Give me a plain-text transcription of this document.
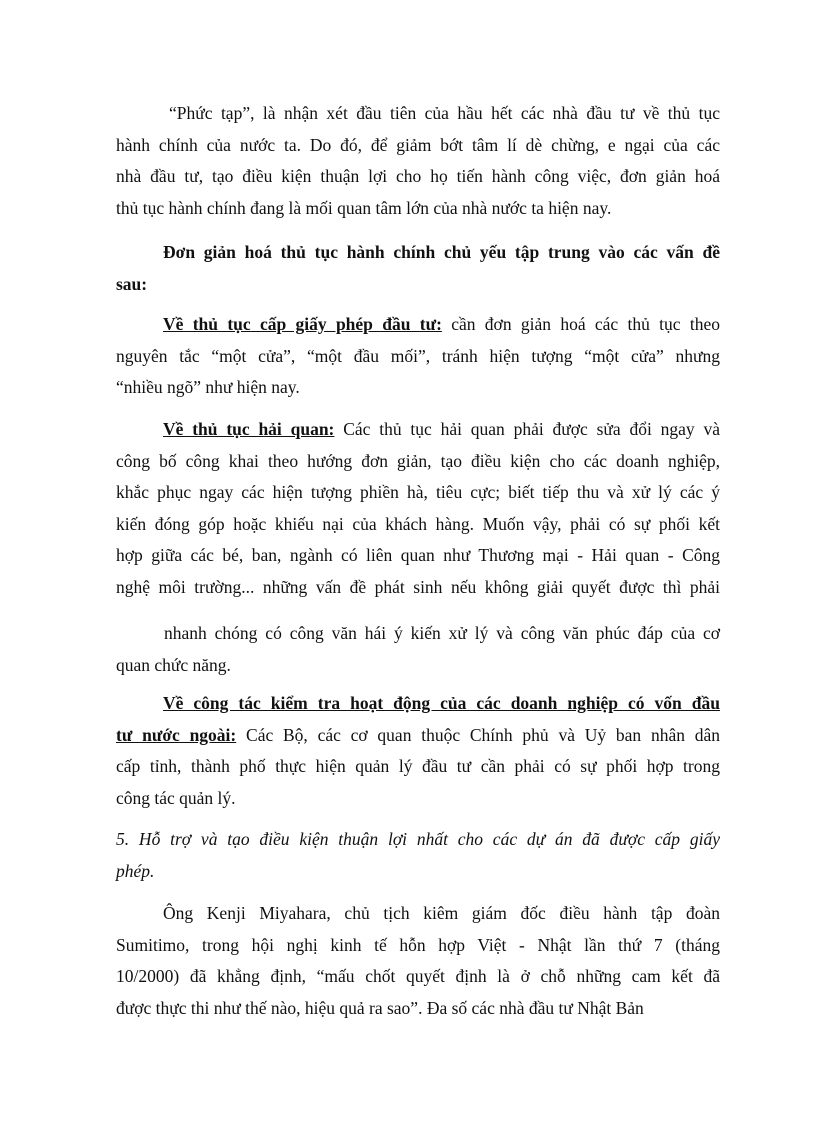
“Phức tạp”, là nhận xét đầu tiên của hầu hết các nhà đầu tư về thủ tục
hành chính của nước ta. Do đó, để giảm bớt tâm lí dè chừng, e ngại của các
nhà đầu tư, tạo điều kiện thuận lợi cho họ tiến hành công việc, đơn giản hoá
thủ tục hành chính đang là mối quan tâm lớn của nhà nước ta hiện nay.
Đơn giản hoá thủ tục hành chính chủ yếu tập trung vào các vấn đề
sau:
Về thủ tục cấp giấy phép đầu tư: cần đơn giản hoá các thủ tục theo
nguyên tắc “một cửa”, “một đầu mối”, tránh hiện tượng “một cửa” nhưng
“nhiều ngõ” như hiện nay.
Về thủ tục hải quan: Các thủ tục hải quan phải được sửa đổi ngay và
công bố công khai theo hướng đơn giản, tạo điều kiện cho các doanh nghiệp,
khắc phục ngay các hiện tượng phiền hà, tiêu cực; biết tiếp thu và xử lý các ý
kiến đóng góp hoặc khiếu nại của khách hàng. Muốn vậy, phải có sự phối kết
hợp giữa các bé, ban, ngành có liên quan như Thương mại - Hải quan - Công
nghệ môi trường... những vấn đề phát sinh nếu không giải quyết được thì phải
nhanh chóng có công văn hái ý kiến xử lý và công văn phúc đáp của cơ
quan chức năng.
Về công tác kiểm tra hoạt động của các doanh nghiệp có vốn đầu
tư nước ngoài: Các Bộ, các cơ quan thuộc Chính phủ và Uỷ ban nhân dân
cấp tỉnh, thành phố thực hiện quản lý đầu tư cần phải có sự phối hợp trong
công tác quản lý.
5. Hỗ trợ và tạo điều kiện thuận lợi nhất cho các dự án đã được cấp giấy
phép.
Ông Kenji Miyahara, chủ tịch kiêm giám đốc điều hành tập đoàn
Sumitimo, trong hội nghị kinh tế hỗn hợp Việt - Nhật lần thứ 7 (tháng
10/2000) đã khẳng định, “mấu chốt quyết định là ở chỗ những cam kết đã
được thực thi như thế nào, hiệu quả ra sao”. Đa số các nhà đầu tư Nhật Bản
